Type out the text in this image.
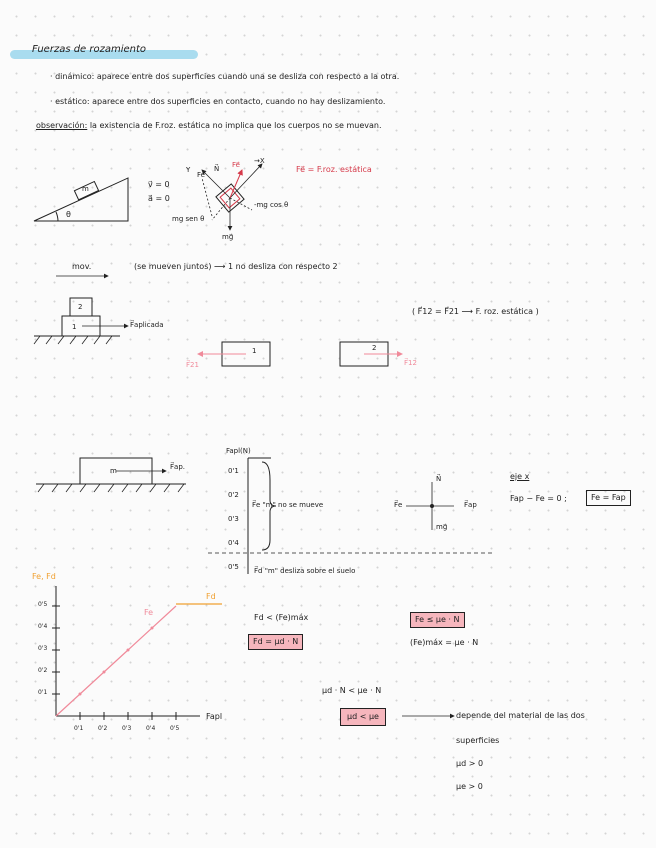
Fuerzas de rozamiento
· dinámico: aparece entre dos superficies cuando una se desliza con respecto a la otra.
· estático: aparece entre dos superficies en contacto, cuando no hay deslizamiento.
observación: la existencia de F.roz. estática no implica que los cuerpos no se muevan.
m
θ
v⃗ = 0
a⃗ = 0
Y
→X
Fe
N⃗ Fe⃗
-mg cos θ
mg sen θ
mg⃗
Fe⃗ = F.roz. estática
mov.	(se mueven juntos) ⟶ 1 no desliza con respecto 2
2
1	F⃗aplicada
1	2
F⃗21	F⃗12
( F⃗12 = F⃗21 ⟶ F. roz. estática )
m	F⃗ap.
Fapl(N)
0'1
0'2
0'3
0'4
0'5
F⃗e "m" no se mueve
F⃗d "m" desliza sobre el suelo
N⃗
F⃗e	F⃗ap
mg⃗
eje x
Fap − Fe = 0 ;	Fe = Fap
Fe, Fd
Fapl
0'5
0'4
0'3
0'2
0'1
0'1 0'2 0'3 0'4 0'5
Fe
Fd
Fd < (Fe)máx
Fd = μd · N
Fe ≤ μe · N
(Fe)máx = μe · N
μd · N < μe · N
μd < μe	depende del material de las dos
superficies
μd > 0
μe > 0
